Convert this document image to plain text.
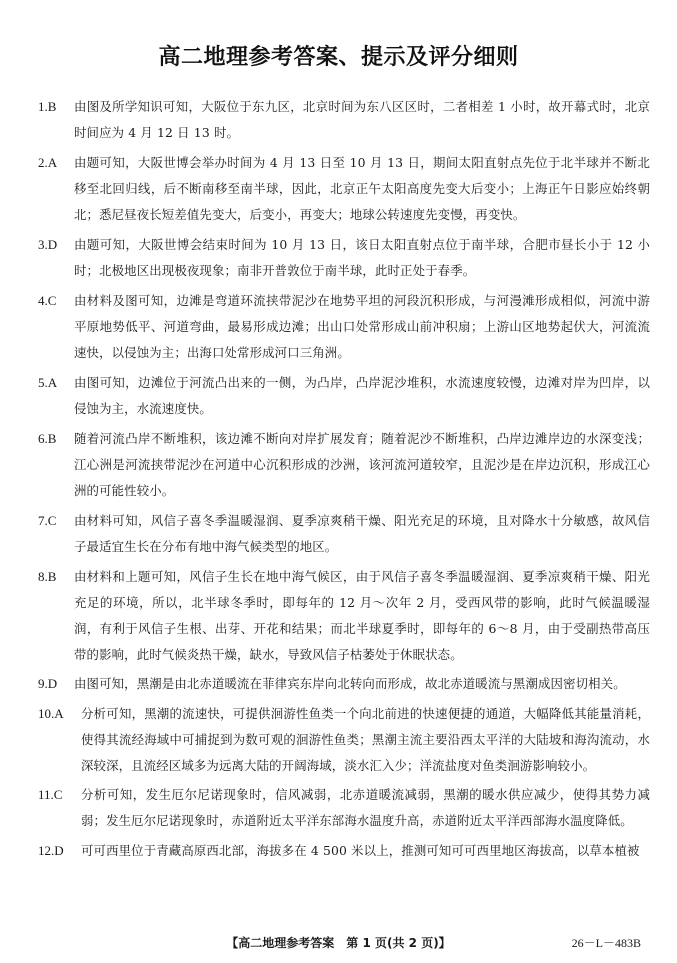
高二地理参考答案、提示及评分细则
1.B	由图及所学知识可知，大阪位于东九区，北京时间为东八区区时，二者相差 1 小时，故开幕式时，北京时间应为 4 月 12 日 13 时。
2.A	由题可知，大阪世博会举办时间为 4 月 13 日至 10 月 13 日，期间太阳直射点先位于北半球并不断北移至北回归线，后不断南移至南半球，因此，北京正午太阳高度先变大后变小；上海正午日影应始终朝北；悉尼昼夜长短差值先变大，后变小，再变大；地球公转速度先变慢，再变快。
3.D	由题可知，大阪世博会结束时间为 10 月 13 日，该日太阳直射点位于南半球，合肥市昼长小于 12 小时；北极地区出现极夜现象；南非开普敦位于南半球，此时正处于春季。
4.C	由材料及图可知，边滩是弯道环流挟带泥沙在地势平坦的河段沉积形成，与河漫滩形成相似，河流中游平原地势低平、河道弯曲，最易形成边滩；出山口处常形成山前冲积扇；上游山区地势起伏大，河流流速快，以侵蚀为主；出海口处常形成河口三角洲。
5.A	由图可知，边滩位于河流凸出来的一侧，为凸岸，凸岸泥沙堆积，水流速度较慢，边滩对岸为凹岸，以侵蚀为主，水流速度快。
6.B	随着河流凸岸不断堆积，该边滩不断向对岸扩展发育；随着泥沙不断堆积，凸岸边滩岸边的水深变浅；江心洲是河流挟带泥沙在河道中心沉积形成的沙洲，该河流河道较窄，且泥沙是在岸边沉积，形成江心洲的可能性较小。
7.C	由材料可知，风信子喜冬季温暖湿润、夏季凉爽稍干燥、阳光充足的环境，且对降水十分敏感，故风信子最适宜生长在分布有地中海气候类型的地区。
8.B	由材料和上题可知，风信子生长在地中海气候区，由于风信子喜冬季温暖湿润、夏季凉爽稍干燥、阳光充足的环境，所以，北半球冬季时，即每年的 12 月～次年 2 月，受西风带的影响，此时气候温暖湿润，有利于风信子生根、出芽、开花和结果；而北半球夏季时，即每年的 6～8 月，由于受副热带高压带的影响，此时气候炎热干燥，缺水，导致风信子枯萎处于休眠状态。
9.D	由图可知，黑潮是由北赤道暖流在菲律宾东岸向北转向而形成，故北赤道暖流与黑潮成因密切相关。
10.A	分析可知，黑潮的流速快，可提供洄游性鱼类一个向北前进的快速便捷的通道，大幅降低其能量消耗，使得其流经海域中可捕捉到为数可观的洄游性鱼类；黑潮主流主要沿西太平洋的大陆坡和海沟流动，水深较深，且流经区域多为远离大陆的开阔海域，淡水汇入少；洋流盐度对鱼类洄游影响较小。
11.C	分析可知，发生厄尔尼诺现象时，信风减弱，北赤道暖流减弱，黑潮的暖水供应减少，使得其势力减弱；发生厄尔尼诺现象时，赤道附近太平洋东部海水温度升高，赤道附近太平洋西部海水温度降低。
12.D	可可西里位于青藏高原西北部，海拔多在 4 500 米以上，推测可知可可西里地区海拔高，以草本植被
【高二地理参考答案　第 1 页(共 2 页)】	26－L－483B
